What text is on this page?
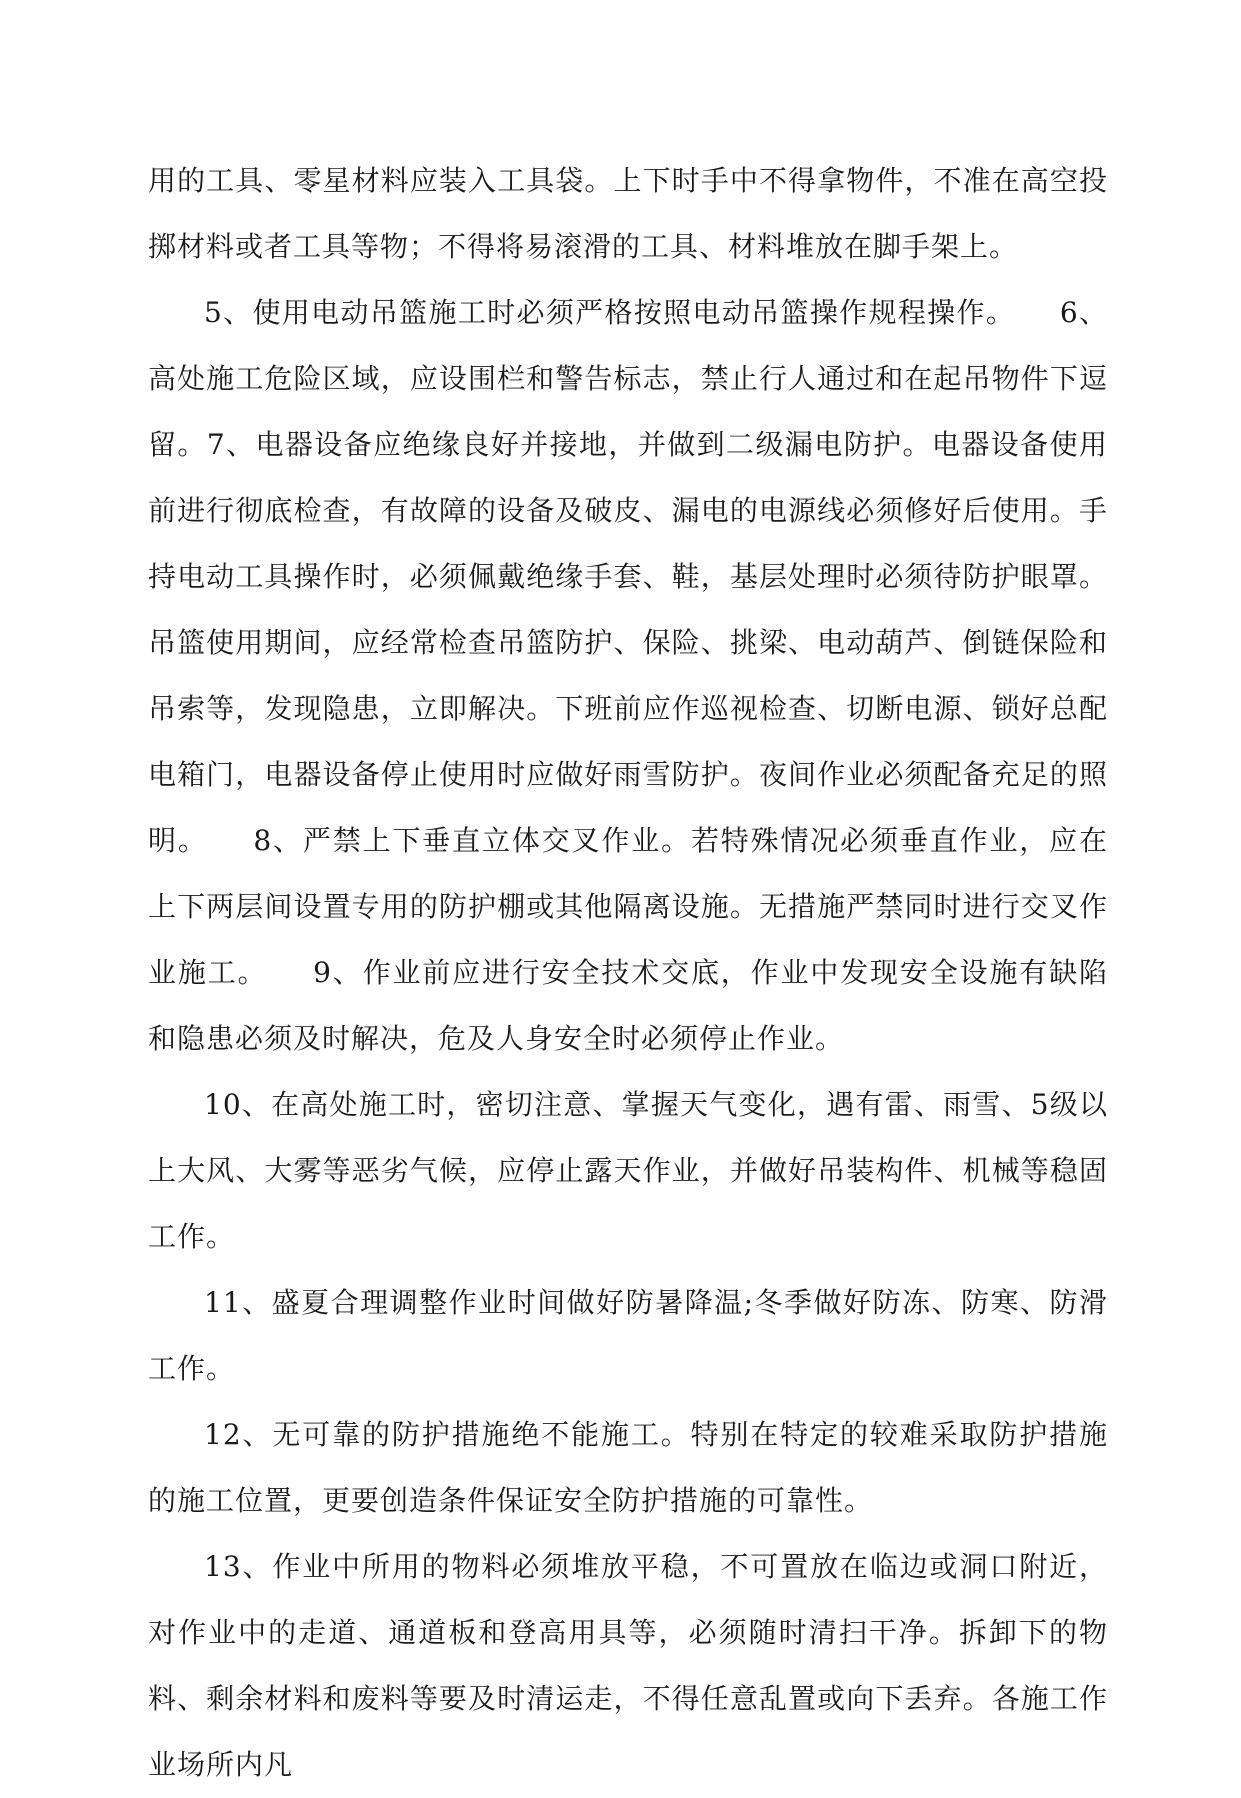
用的工具、零星材料应装入工具袋。上下时手中不得拿物件，不准在高空投掷材料或者工具等物；不得将易滚滑的工具、材料堆放在脚手架上。

5、使用电动吊篮施工时必须严格按照电动吊篮操作规程操作。　　6、高处施工危险区域，应设围栏和警告标志，禁止行人通过和在起吊物件下逗留。7、电器设备应绝缘良好并接地，并做到二级漏电防护。电器设备使用前进行彻底检查，有故障的设备及破皮、漏电的电源线必须修好后使用。手持电动工具操作时，必须佩戴绝缘手套、鞋，基层处理时必须待防护眼罩。吊篮使用期间，应经常检查吊篮防护、保险、挑梁、电动葫芦、倒链保险和吊索等，发现隐患，立即解决。下班前应作巡视检查、切断电源、锁好总配电箱门，电器设备停止使用时应做好雨雪防护。夜间作业必须配备充足的照明。　　8、严禁上下垂直立体交叉作业。若特殊情况必须垂直作业，应在上下两层间设置专用的防护棚或其他隔离设施。无措施严禁同时进行交叉作业施工。　　9、作业前应进行安全技术交底，作业中发现安全设施有缺陷和隐患必须及时解决，危及人身安全时必须停止作业。

10、在高处施工时，密切注意、掌握天气变化，遇有雷、雨雪、5级以上大风、大雾等恶劣气候，应停止露天作业，并做好吊装构件、机械等稳固工作。

11、盛夏合理调整作业时间做好防暑降温;冬季做好防冻、防寒、防滑工作。

12、无可靠的防护措施绝不能施工。特别在特定的较难采取防护措施的施工位置，更要创造条件保证安全防护措施的可靠性。

13、作业中所用的物料必须堆放平稳，不可置放在临边或洞口附近，对作业中的走道、通道板和登高用具等，必须随时清扫干净。拆卸下的物料、剩余材料和废料等要及时清运走，不得任意乱置或向下丢弃。各施工作业场所内凡
